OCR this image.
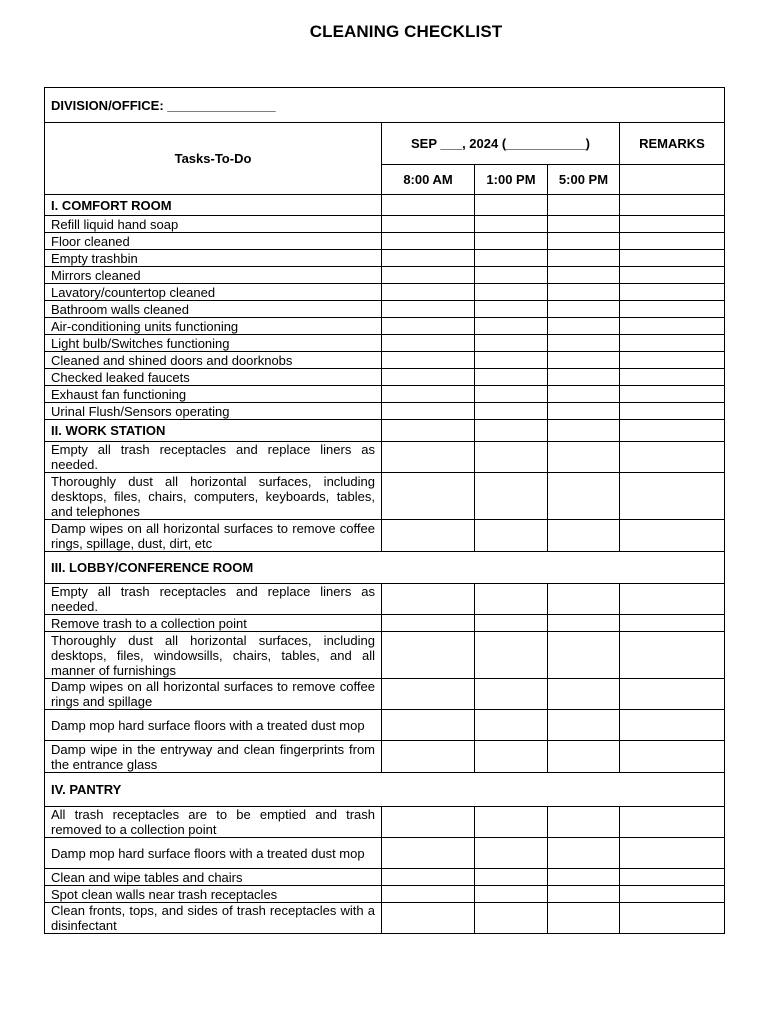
CLEANING CHECKLIST
DIVISION/OFFICE: _______________				
Tasks-To-Do	SEP ___, 2024 (___________)			REMARKS
	8:00 AM	1:00 PM	5:00 PM	
I. COMFORT ROOM				
Refill liquid hand soap				
Floor cleaned				
Empty trashbin				
Mirrors cleaned				
Lavatory/countertop cleaned				
Bathroom walls cleaned				
Air-conditioning units functioning				
Light bulb/Switches functioning				
Cleaned and shined doors and doorknobs				
Checked leaked faucets				
Exhaust fan functioning				
Urinal Flush/Sensors operating				
II. WORK STATION				
Empty all trash receptacles and replace liners as needed.				
Thoroughly dust all horizontal surfaces, including desktops, files, chairs, computers, keyboards, tables, and telephones				
Damp wipes on all horizontal surfaces to remove coffee rings, spillage, dust, dirt, etc				
III. LOBBY/CONFERENCE ROOM				
Empty all trash receptacles and replace liners as needed.				
Remove trash to a collection point				
Thoroughly dust all horizontal surfaces, including desktops, files, windowsills, chairs, tables, and all manner of furnishings				
Damp wipes on all horizontal surfaces to remove coffee rings and spillage				
Damp mop hard surface floors with a treated dust mop				
Damp wipe in the entryway and clean fingerprints from the entrance glass				
IV. PANTRY				
All trash receptacles are to be emptied and trash removed to a collection point				
Damp mop hard surface floors with a treated dust mop				
Clean and wipe tables and chairs				
Spot clean walls near trash receptacles				
Clean fronts, tops, and sides of trash receptacles with a disinfectant				
